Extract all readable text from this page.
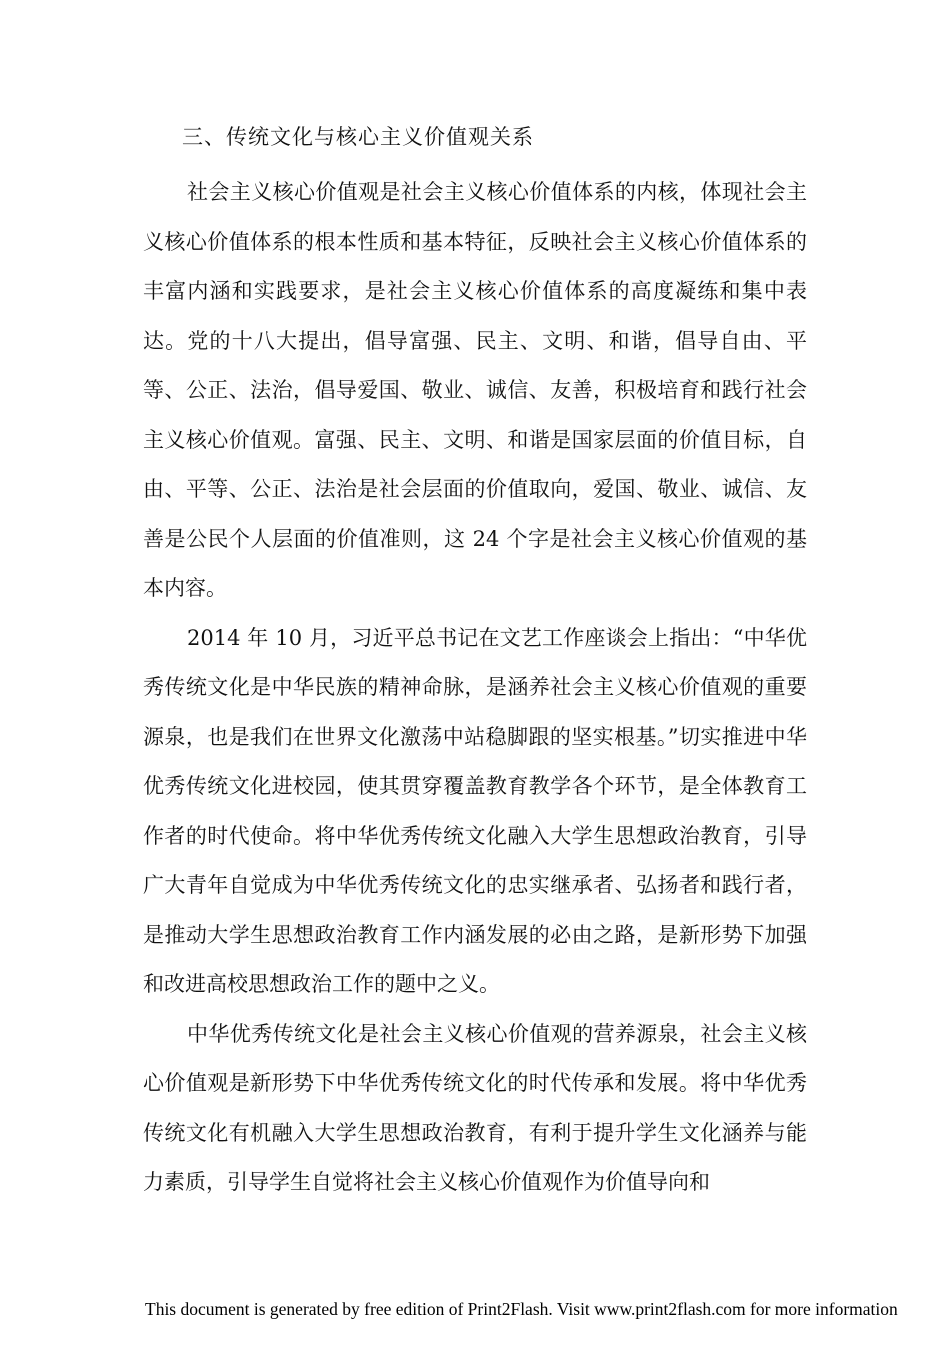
三、传统文化与核心主义价值观关系

社会主义核心价值观是社会主义核心价值体系的内核，体现社会主义核心价值体系的根本性质和基本特征，反映社会主义核心价值体系的丰富内涵和实践要求，是社会主义核心价值体系的高度凝练和集中表达。党的十八大提出，倡导富强、民主、文明、和谐，倡导自由、平等、公正、法治，倡导爱国、敬业、诚信、友善，积极培育和践行社会主义核心价值观。富强、民主、文明、和谐是国家层面的价值目标，自由、平等、公正、法治是社会层面的价值取向，爱国、敬业、诚信、友善是公民个人层面的价值准则，这 24 个字是社会主义核心价值观的基本内容。

2014 年 10 月，习近平总书记在文艺工作座谈会上指出：“中华优秀传统文化是中华民族的精神命脉，是涵养社会主义核心价值观的重要源泉，也是我们在世界文化激荡中站稳脚跟的坚实根基。”切实推进中华优秀传统文化进校园，使其贯穿覆盖教育教学各个环节，是全体教育工作者的时代使命。将中华优秀传统文化融入大学生思想政治教育，引导广大青年自觉成为中华优秀传统文化的忠实继承者、弘扬者和践行者，是推动大学生思想政治教育工作内涵发展的必由之路，是新形势下加强和改进高校思想政治工作的题中之义。

中华优秀传统文化是社会主义核心价值观的营养源泉，社会主义核心价值观是新形势下中华优秀传统文化的时代传承和发展。将中华优秀传统文化有机融入大学生思想政治教育，有利于提升学生文化涵养与能力素质，引导学生自觉将社会主义核心价值观作为价值导向和

This document is generated by free edition of Print2Flash. Visit www.print2flash.com for more information
